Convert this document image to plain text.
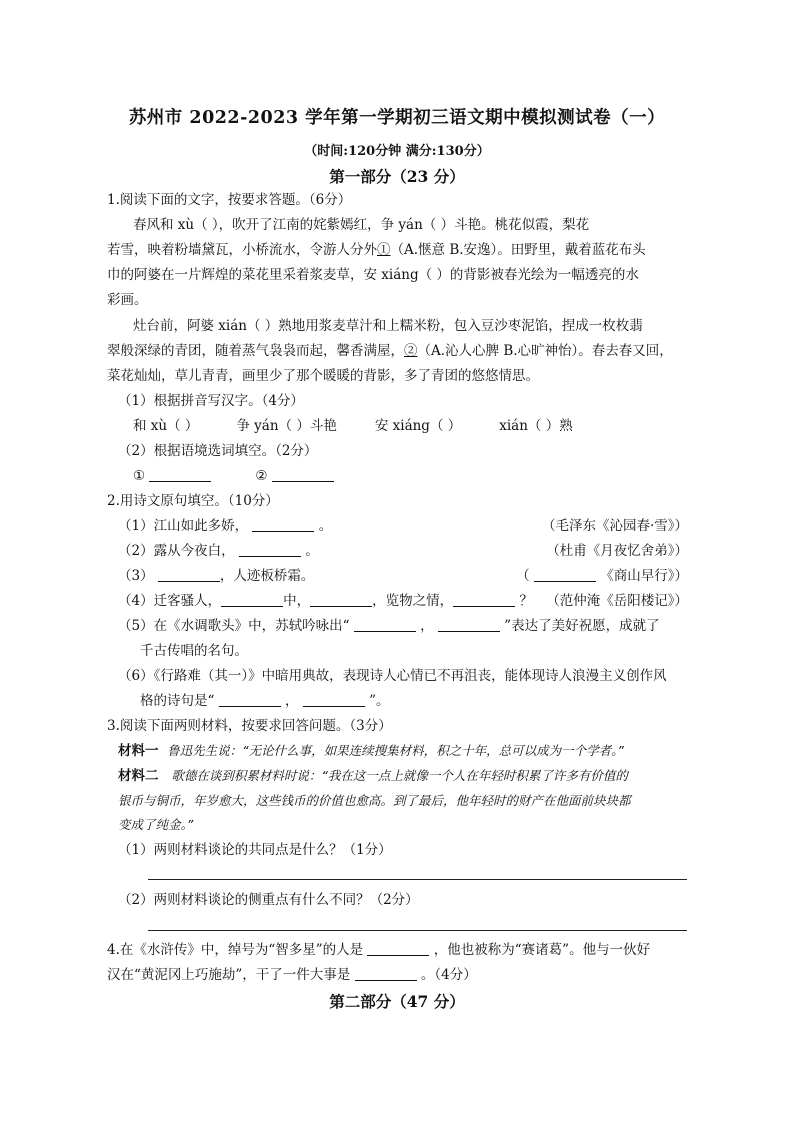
苏州市 2022-2023 学年第一学期初三语文期中模拟测试卷（一）
（时间:120分钟 满分:130分）
第一部分（23 分）
1.阅读下面的文字，按要求答题。（6分）
春风和 xù（ ），吹开了江南的姹紫嫣红，争 yán（ ）斗艳。桃花似霞，梨花
若雪，映着粉墙黛瓦，小桥流水，令游人分外①（A.惬意 B.安逸）。田野里，戴着蓝花布头
巾的阿婆在一片辉煌的菜花里采着浆麦草，安 xiáng（ ）的背影被春光绘为一幅透亮的水
彩画。
灶台前，阿婆 xián（ ）熟地用浆麦草汁和上糯米粉，包入豆沙枣泥馅，捏成一枚枚翡
翠般深绿的青团，随着蒸气袅袅而起，馨香满屋，②（A.沁人心脾 B.心旷神怡）。春去春又回，
菜花灿灿，草儿青青，画里少了那个暖暖的背影，多了青团的悠悠情思。
（1）根据拼音写汉字。（4分）
和 xù（ ）	争 yán（ ）斗艳	安 xiáng（ ）	xián（ ）熟
（2）根据语境选词填空。（2分）
①	②
2.用诗文原句填空。（10分）
（1）江山如此多娇，	。	（毛泽东《沁园春·雪》）
（2）露从今夜白，	。	（杜甫《月夜忆舍弟》）
（3）	，人迹板桥霜。	（	《商山早行》）
（4）迁客骚人，	中，	，览物之情，	？ （范仲淹《岳阳楼记》）
（5）在《水调歌头》中，苏轼吟咏出“	，	”表达了美好祝愿，成就了
千古传唱的名句。
（6）《行路难（其一）》中暗用典故，表现诗人心情已不再沮丧，能体现诗人浪漫主义创作风
格的诗句是“	，	”。
3.阅读下面两则材料，按要求回答问题。（3分）
材料一 鲁迅先生说：“无论什么事，如果连续搜集材料，积之十年，总可以成为一个学者。”
材料二 歌德在谈到积累材料时说：“我在这一点上就像一个人在年轻时积累了许多有价值的
银币与铜币，年岁愈大，这些钱币的价值也愈高。到了最后，他年轻时的财产在他面前块块都
变成了纯金。”
（1）两则材料谈论的共同点是什么？（1分）
（2）两则材料谈论的侧重点有什么不同？（2分）
4.在《水浒传》中，绰号为“智多星”的人是	，他也被称为“赛诸葛”。他与一伙好
汉在“黄泥冈上巧施劫”，干了一件大事是	。（4分）
第二部分（47 分）
